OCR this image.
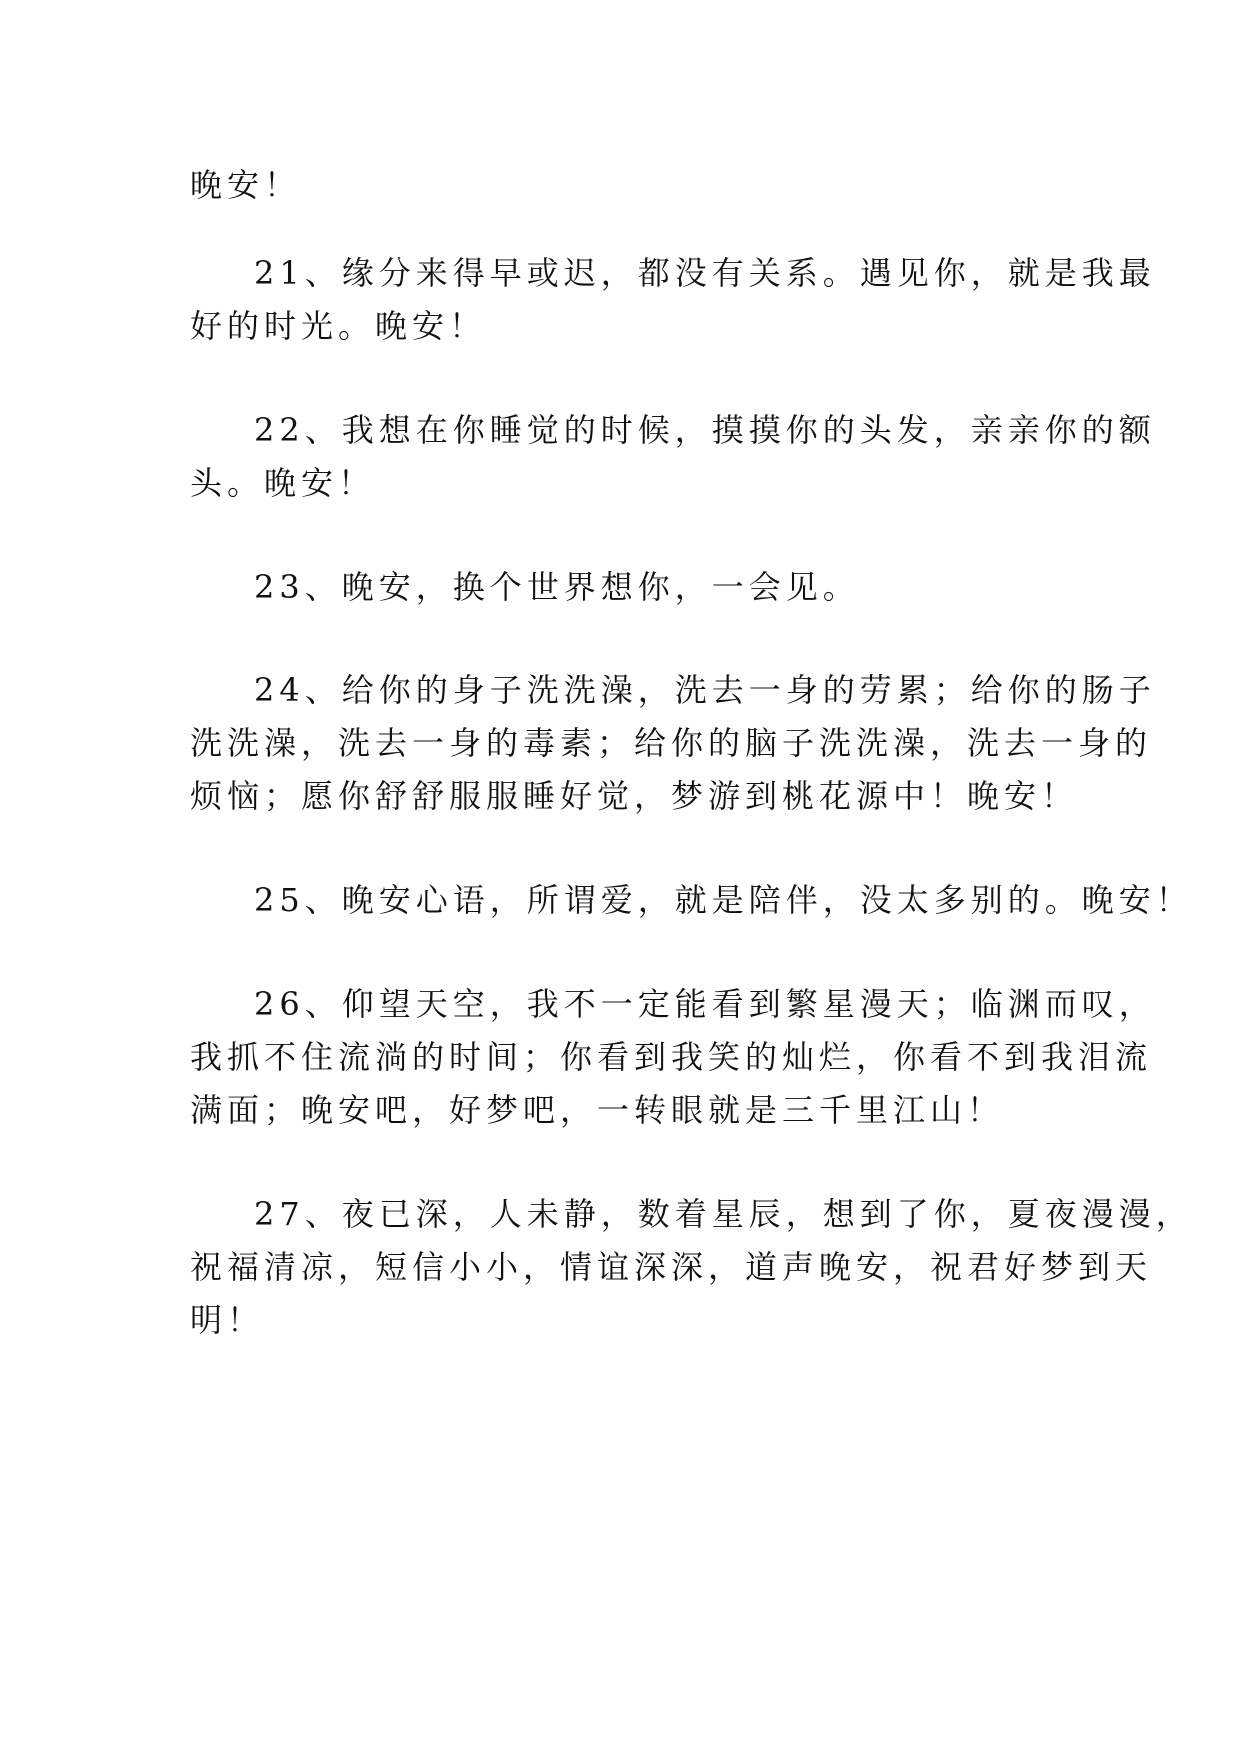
晚安！

21、缘分来得早或迟，都没有关系。遇见你，就是我最

好的时光。晚安！

22、我想在你睡觉的时候，摸摸你的头发，亲亲你的额

头。晚安！

23、晚安，换个世界想你，一会见。

24、给你的身子洗洗澡，洗去一身的劳累；给你的肠子

洗洗澡，洗去一身的毒素；给你的脑子洗洗澡，洗去一身的

烦恼；愿你舒舒服服睡好觉，梦游到桃花源中！晚安！

25、晚安心语，所谓爱，就是陪伴，没太多别的。晚安！

26、仰望天空，我不一定能看到繁星漫天；临渊而叹，

我抓不住流淌的时间；你看到我笑的灿烂，你看不到我泪流

满面；晚安吧，好梦吧，一转眼就是三千里江山！

27、夜已深，人未静，数着星辰，想到了你，夏夜漫漫，

祝福清凉，短信小小，情谊深深，道声晚安，祝君好梦到天

明！
